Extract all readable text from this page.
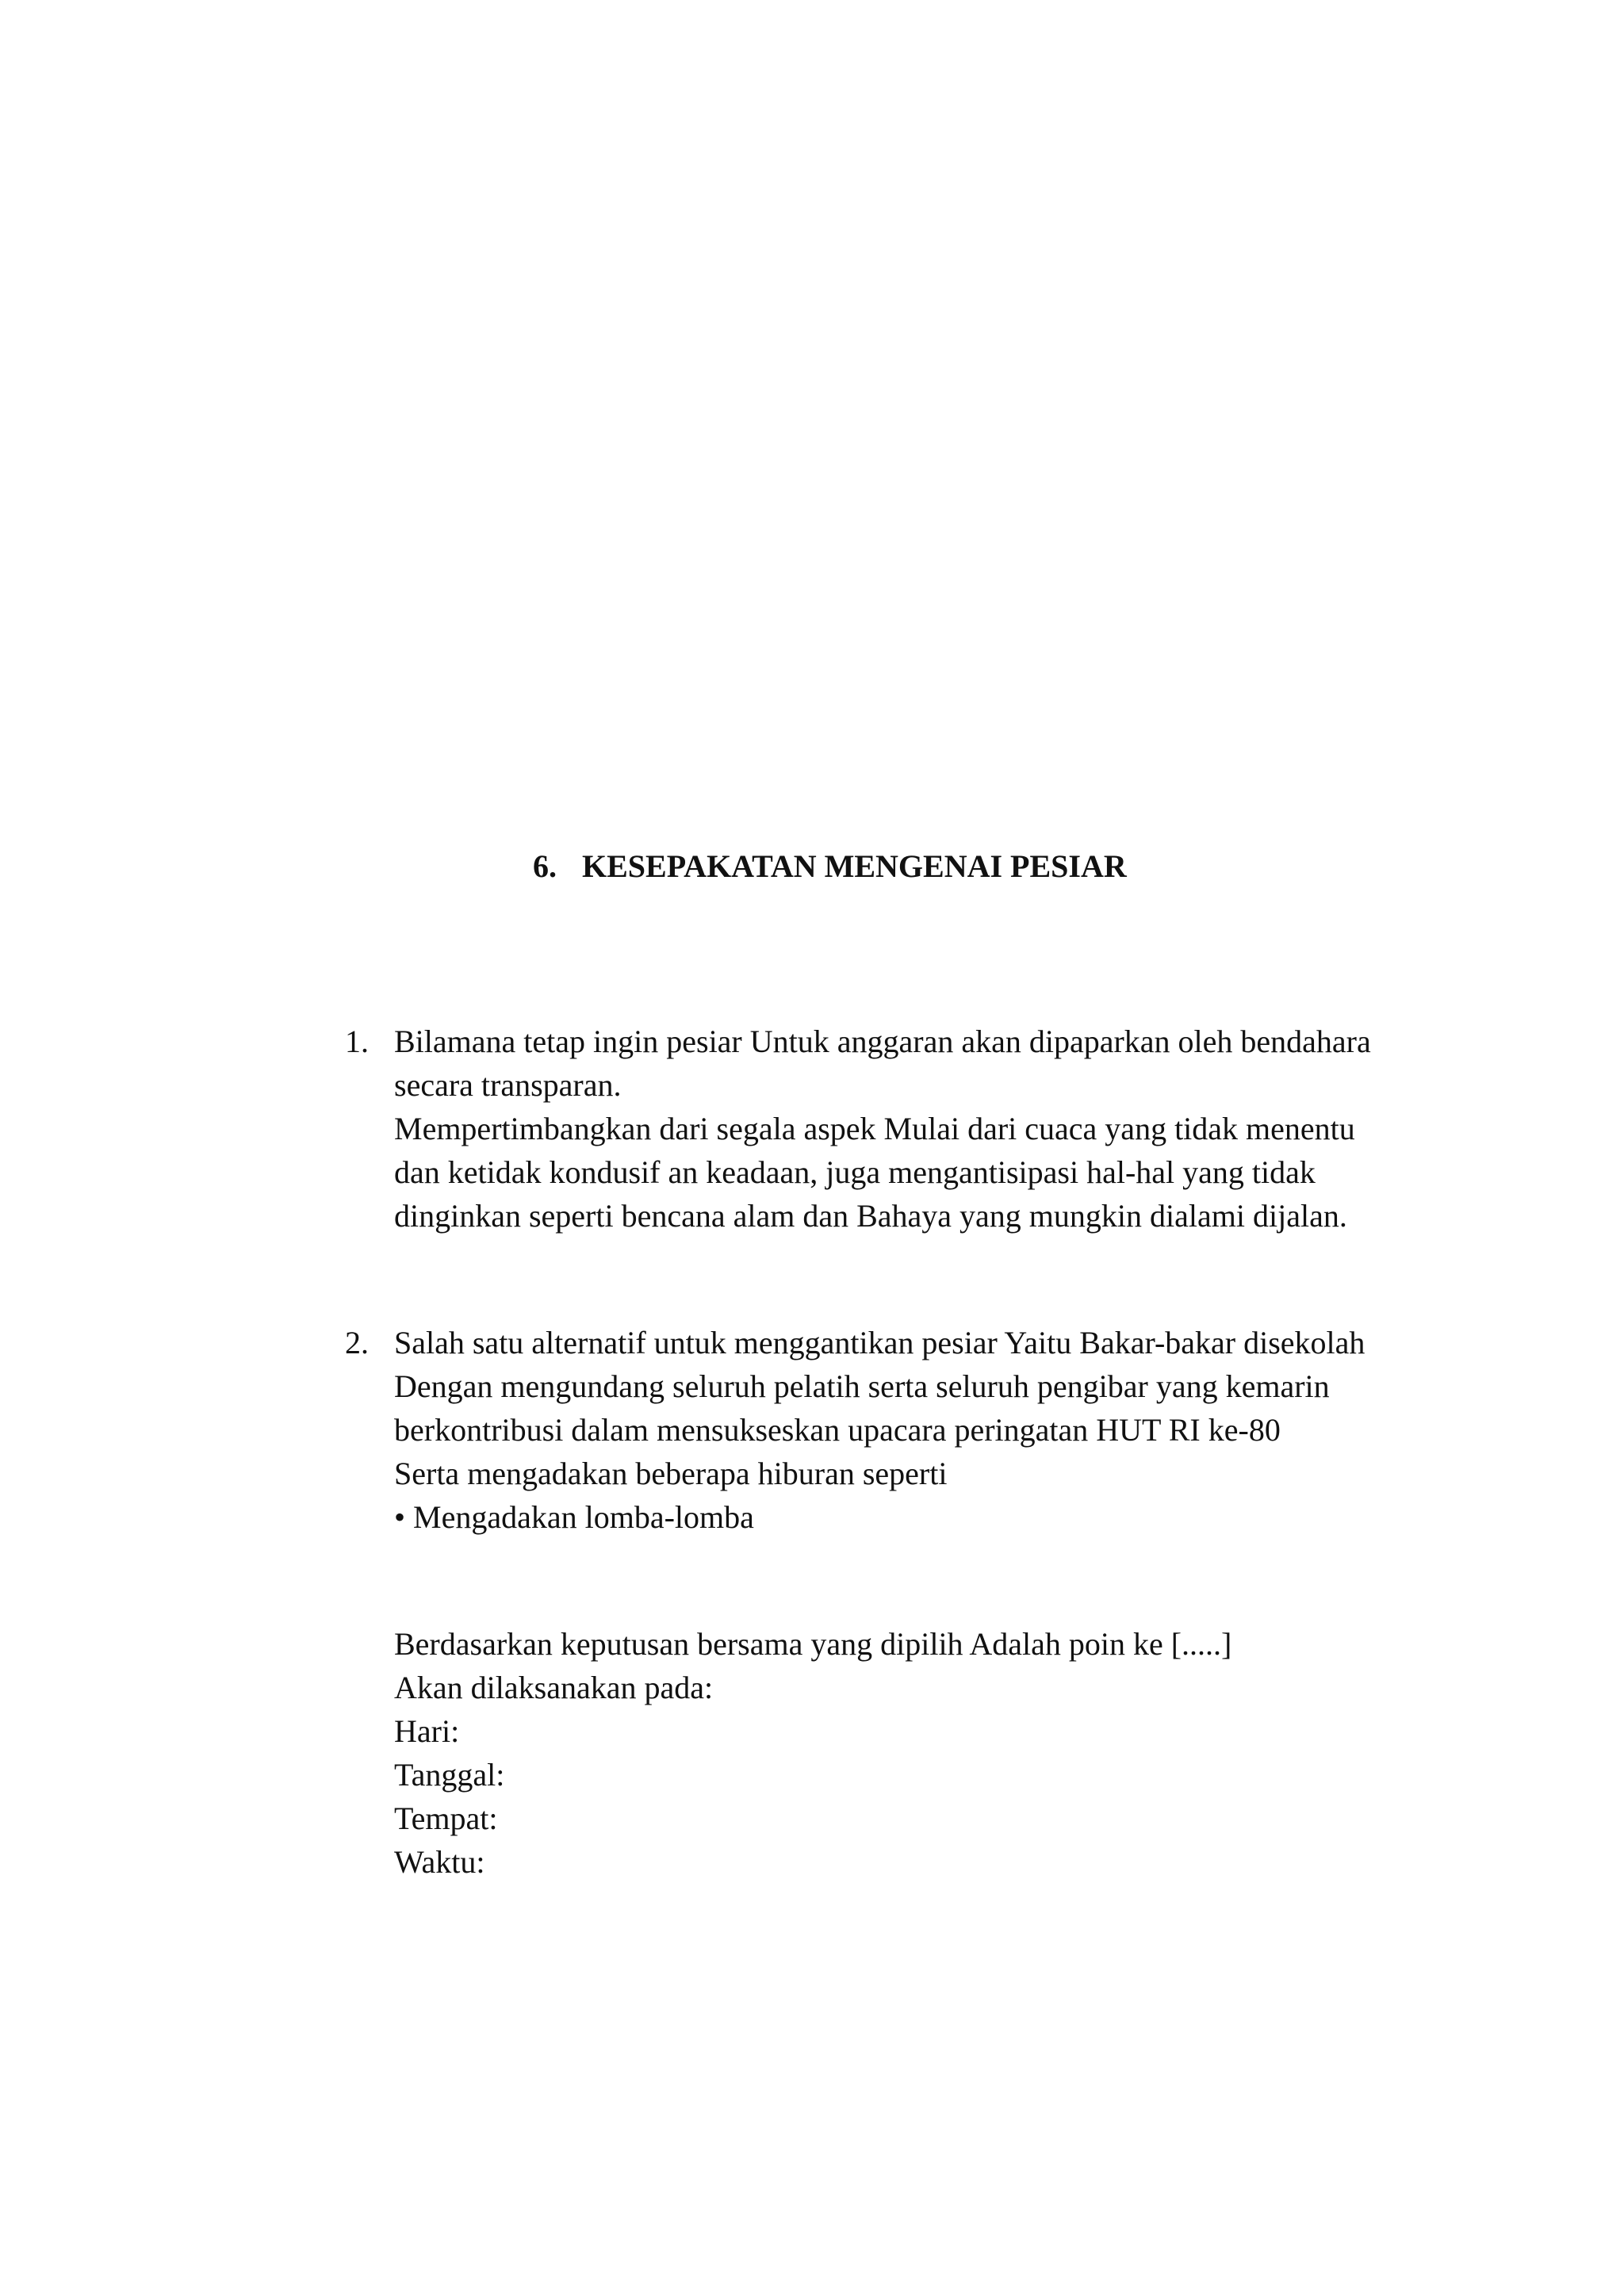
6. KESEPAKATAN MENGENAI PESIAR
1. Bilamana tetap ingin pesiar Untuk anggaran akan dipaparkan oleh bendahara
secara transparan.
Mempertimbangkan dari segala aspek Mulai dari cuaca yang tidak menentu
dan ketidak kondusif an keadaan, juga mengantisipasi hal-hal yang tidak
dinginkan seperti bencana alam dan Bahaya yang mungkin dialami dijalan.
2. Salah satu alternatif untuk menggantikan pesiar Yaitu Bakar-bakar disekolah
Dengan mengundang seluruh pelatih serta seluruh pengibar yang kemarin
berkontribusi dalam mensukseskan upacara peringatan HUT RI ke-80
Serta mengadakan beberapa hiburan seperti
• Mengadakan lomba-lomba
Berdasarkan keputusan bersama yang dipilih Adalah poin ke [.....]
Akan dilaksanakan pada:
Hari:
Tanggal:
Tempat:
Waktu:
